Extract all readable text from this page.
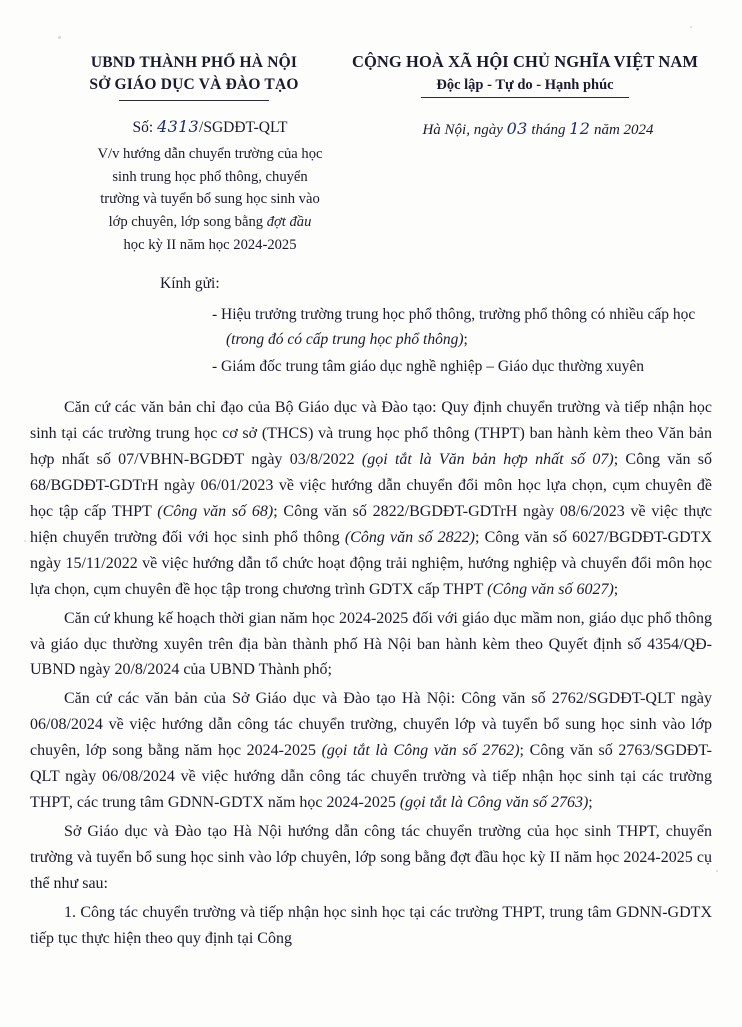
UBND THÀNH PHỐ HÀ NỘI
SỞ GIÁO DỤC VÀ ĐÀO TẠO
CỘNG HOÀ XÃ HỘI CHỦ NGHĨA VIỆT NAM
Độc lập - Tự do - Hạnh phúc
Số: 4313/SGDĐT-QLT
V/v hướng dẫn chuyển trường của học
sinh trung học phổ thông, chuyển
trường và tuyển bổ sung học sinh vào
lớp chuyên, lớp song bằng đợt đầu
học kỳ II năm học 2024-2025
Hà Nội, ngày 03 tháng 12 năm 2024
Kính gửi:
- Hiệu trưởng trường trung học phổ thông, trường phổ thông có nhiều cấp học (trong đó có cấp trung học phổ thông);
- Giám đốc trung tâm giáo dục nghề nghiệp – Giáo dục thường xuyên

Căn cứ các văn bản chỉ đạo của Bộ Giáo dục và Đào tạo: Quy định chuyển trường và tiếp nhận học sinh tại các trường trung học cơ sở (THCS) và trung học phổ thông (THPT) ban hành kèm theo Văn bản hợp nhất số 07/VBHN-BGDĐT ngày 03/8/2022 (gọi tắt là Văn bản hợp nhất số 07); Công văn số 68/BGDĐT-GDTrH ngày 06/01/2023 về việc hướng dẫn chuyển đổi môn học lựa chọn, cụm chuyên đề học tập cấp THPT (Công văn số 68); Công văn số 2822/BGDĐT-GDTrH ngày 08/6/2023 về việc thực hiện chuyển trường đối với học sinh phổ thông (Công văn số 2822); Công văn số 6027/BGDĐT-GDTX ngày 15/11/2022 về việc hướng dẫn tổ chức hoạt động trải nghiệm, hướng nghiệp và chuyển đổi môn học lựa chọn, cụm chuyên đề học tập trong chương trình GDTX cấp THPT (Công văn số 6027);

Căn cứ khung kế hoạch thời gian năm học 2024-2025 đối với giáo dục mầm non, giáo dục phổ thông và giáo dục thường xuyên trên địa bàn thành phố Hà Nội ban hành kèm theo Quyết định số 4354/QĐ-UBND ngày 20/8/2024 của UBND Thành phố;

Căn cứ các văn bản của Sở Giáo dục và Đào tạo Hà Nội: Công văn số 2762/SGDĐT-QLT ngày 06/08/2024 về việc hướng dẫn công tác chuyển trường, chuyển lớp và tuyển bổ sung học sinh vào lớp chuyên, lớp song bằng năm học 2024-2025 (gọi tắt là Công văn số 2762); Công văn số 2763/SGDĐT-QLT ngày 06/08/2024 về việc hướng dẫn công tác chuyển trường và tiếp nhận học sinh tại các trường THPT, các trung tâm GDNN-GDTX năm học 2024-2025 (gọi tắt là Công văn số 2763);

Sở Giáo dục và Đào tạo Hà Nội hướng dẫn công tác chuyển trường của học sinh THPT, chuyển trường và tuyển bổ sung học sinh vào lớp chuyên, lớp song bằng đợt đầu học kỳ II năm học 2024-2025 cụ thể như sau:

1. Công tác chuyển trường và tiếp nhận học sinh học tại các trường THPT, trung tâm GDNN-GDTX tiếp tục thực hiện theo quy định tại Công
